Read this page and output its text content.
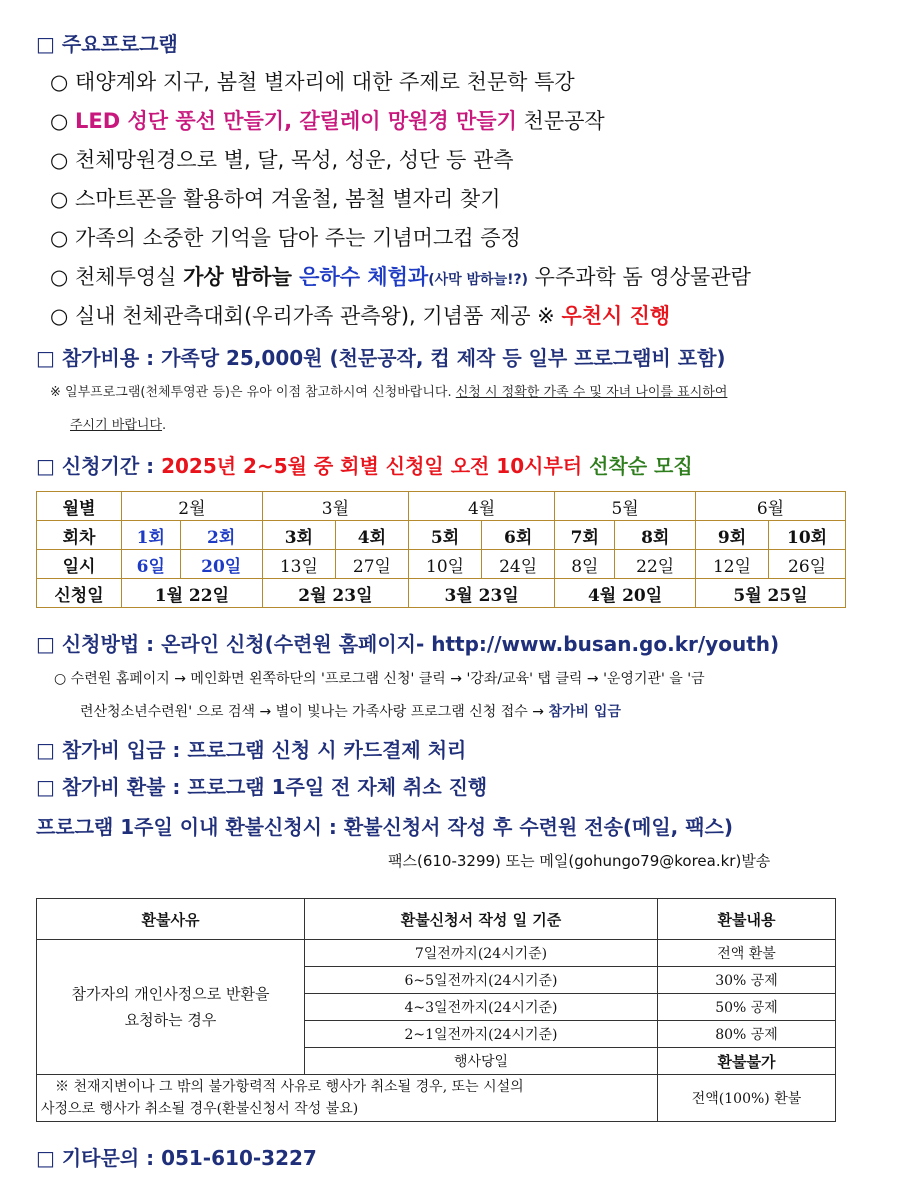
□ 주요프로그램
○ 태양계와 지구, 봄철 별자리에 대한 주제로 천문학 특강
○ LED 성단 풍선 만들기, 갈릴레이 망원경 만들기 천문공작
○ 천체망원경으로 별, 달, 목성, 성운, 성단 등 관측
○ 스마트폰을 활용하여 겨울철, 봄철 별자리 찾기
○ 가족의 소중한 기억을 담아 주는 기념머그컵 증정
○ 천체투영실 가상 밤하늘 은하수 체험과(사막 밤하늘!?) 우주과학 돔 영상물관람
○ 실내 천체관측대회(우리가족 관측왕), 기념품 제공 ※ 우천시 진행
□ 참가비용 : 가족당 25,000원 (천문공작, 컵 제작 등 일부 프로그램비 포함)
※ 일부프로그램(천체투영관 등)은 유아 이점 참고하시여 신청바랍니다. 신청 시 정확한 가족 수 및 자녀 나이를 표시하여
주시기 바랍니다.
□ 신청기간 : 2025년 2~5월 중 회별 신청일 오전 10시부터 선착순 모집
월별	2월		3월		4월		5월		6월	
회차	1회	2회	3회	4회	5회	6회	7회	8회	9회	10회
일시	6일	20일	13일	27일	10일	24일	8일	22일	12일	26일
신청일	1월 22일		2월 23일		3월 23일		4월 20일		5월 25일	
□ 신청방법 : 온라인 신청(수련원 홈페이지- http://www.busan.go.kr/youth)
○ 수련원 홈페이지 → 메인화면 왼쪽하단의 '프로그램 신청' 클릭 → '강좌/교육' 탭 클릭 → '운영기관' 을 '금
련산청소년수련원' 으로 검색 → 별이 빛나는 가족사랑 프로그램 신청 접수 → 참가비 입금
□ 참가비 입금 : 프로그램 신청 시 카드결제 처리
□ 참가비 환불 : 프로그램 1주일 전 자체 취소 진행
프로그램 1주일 이내 환불신청시 : 환불신청서 작성 후 수련원 전송(메일, 팩스)
팩스(610-3299) 또는 메일(gohungo79@korea.kr)발송
환불사유	환불신청서 작성 일 기준	환불내용

참가자의 개인사정으로 반환을
요청하는 경우	7일전까지(24시기준)	전액 환불
	6~5일전까지(24시기준)	30% 공제
	4~3일전까지(24시기준)	50% 공제
	2~1일전까지(24시기준)	80% 공제
	행사당일	환불불가

※ 천재지변이나 그 밖의 불가항력적 사유로 행사가 취소될 경우, 또는 시설의
사정으로 행사가 취소될 경우(환불신청서 작성 불요)		전액(100%) 환불
□ 기타문의 : 051-610-3227
